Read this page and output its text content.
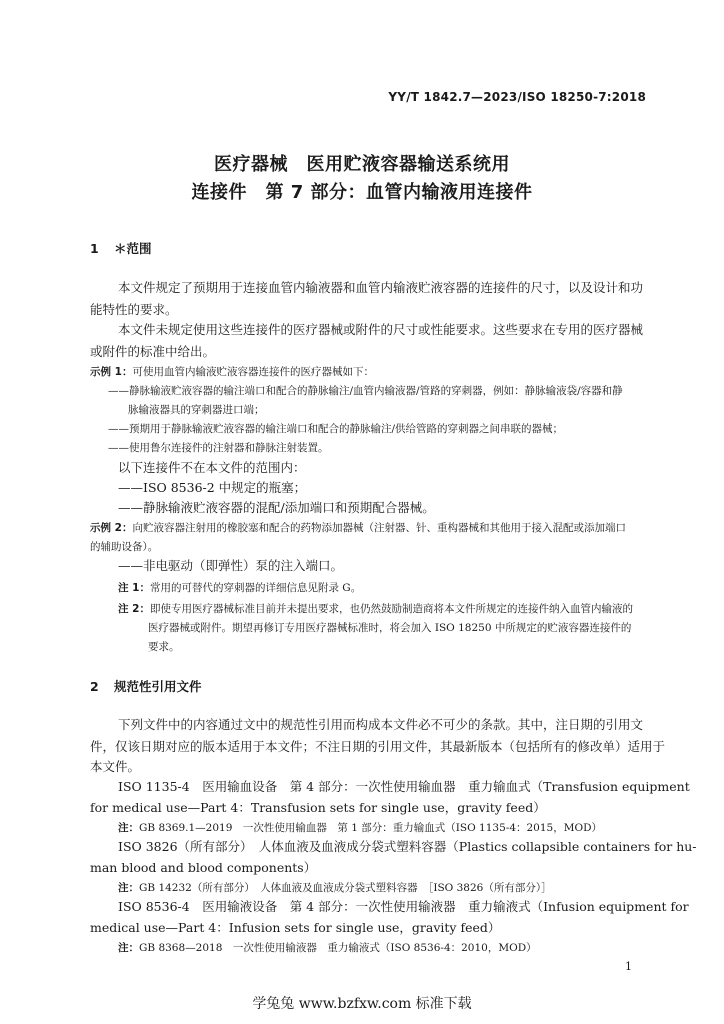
YY/T 1842.7—2023/ISO 18250-7:2018
医疗器械　医用贮液容器输送系统用
连接件　第 7 部分：血管内输液用连接件
1 ＊范围
本文件规定了预期用于连接血管内输液器和血管内输液贮液容器的连接件的尺寸，以及设计和功
能特性的要求。
本文件未规定使用这些连接件的医疗器械或附件的尺寸或性能要求。这些要求在专用的医疗器械
或附件的标准中给出。
示例 1：可使用血管内输液贮液容器连接件的医疗器械如下：
——静脉输液贮液容器的输注端口和配合的静脉输注/血管内输液器/管路的穿刺器，例如：静脉输液袋/容器和静
脉输液器具的穿刺器进口端；
——预期用于静脉输液贮液容器的输注端口和配合的静脉输注/供给管路的穿刺器之间串联的器械；
——使用鲁尔连接件的注射器和静脉注射装置。
以下连接件不在本文件的范围内：
——ISO 8536-2 中规定的瓶塞；
——静脉输液贮液容器的混配/添加端口和预期配合器械。
示例 2：向贮液容器注射用的橡胶塞和配合的药物添加器械（注射器、针、重构器械和其他用于接入混配或添加端口
的辅助设备）。
——非电驱动（即弹性）泵的注入端口。
注 1：常用的可替代的穿刺器的详细信息见附录 G。
注 2：即使专用医疗器械标准目前并未提出要求，也仍然鼓励制造商将本文件所规定的连接件纳入血管内输液的
医疗器械或附件。期望再修订专用医疗器械标准时，将会加入 ISO 18250 中所规定的贮液容器连接件的
要求。
2 规范性引用文件
下列文件中的内容通过文中的规范性引用而构成本文件必不可少的条款。其中，注日期的引用文
件，仅该日期对应的版本适用于本文件；不注日期的引用文件，其最新版本（包括所有的修改单）适用于
本文件。
ISO 1135-4　医用输血设备　第 4 部分：一次性使用输血器　重力输血式（Transfusion equipment
for medical use—Part 4：Transfusion sets for single use，gravity feed）
注：GB 8369.1—2019　一次性使用输血器　第 1 部分：重力输血式（ISO 1135-4：2015，MOD）
ISO 3826（所有部分）　人体血液及血液成分袋式塑料容器（Plastics collapsible containers for hu-
man blood and blood components）
注：GB 14232（所有部分）　人体血液及血液成分袋式塑料容器　［ISO 3826（所有部分）］
ISO 8536-4　医用输液设备　第 4 部分：一次性使用输液器　重力输液式（Infusion equipment for
medical use—Part 4：Infusion sets for single use，gravity feed）
注：GB 8368—2018　一次性使用输液器　重力输液式（ISO 8536-4：2010，MOD）
1
学兔兔 www.bzfxw.com 标准下载
